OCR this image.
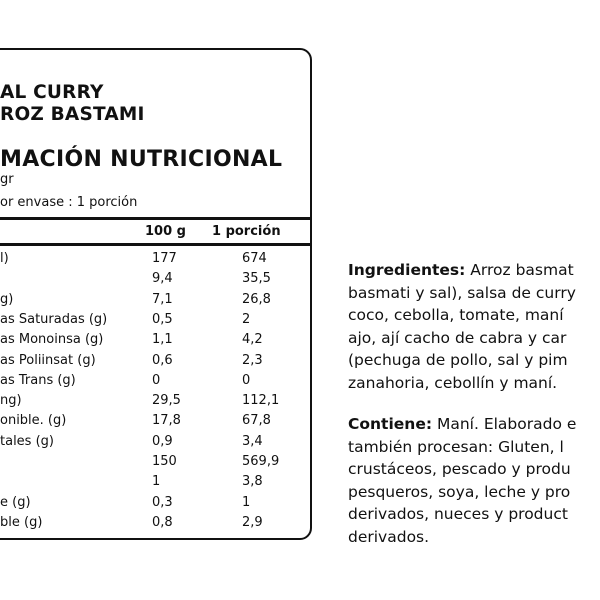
AL CURRY
ROZ BASTAMI
MACIÓN NUTRICIONAL
gr
or envase : 1 porción
100 g 1 porción
l)	177	674
9,4	35,5
g)	7,1	26,8
as Saturadas (g)	0,5	2
as Monoinsa (g)	1,1	4,2
as Poliinsat (g)	0,6	2,3
as Trans (g)	0	0
ng)	29,5	112,1
onible. (g)	17,8	67,8
tales (g)	0,9	3,4
150	569,9
1	3,8
e (g)	0,3	1
ble (g)	0,8	2,9
Ingredientes: Arroz basmat
basmati y sal), salsa de curry
coco, cebolla, tomate, maní
ajo, ají cacho de cabra y car
(pechuga de pollo, sal y pim
zanahoria, cebollín y maní.
Contiene: Maní. Elaborado e
también procesan: Gluten, l
crustáceos, pescado y produ
pesqueros, soya, leche y pro
derivados, nueces y product
derivados.
